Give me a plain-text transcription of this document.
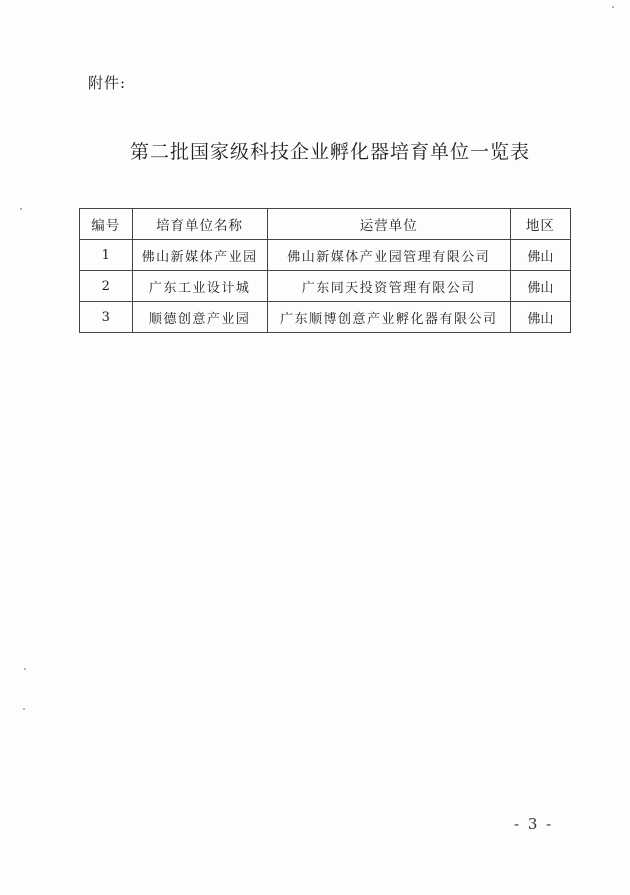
附件:
第二批国家级科技企业孵化器培育单位一览表
编号	培育单位名称	运营单位	地区
1	佛山新媒体产业园	佛山新媒体产业园管理有限公司	佛山
2	广东工业设计城	广东同天投资管理有限公司	佛山
3	顺德创意产业园	广东顺博创意产业孵化器有限公司	佛山
- 3 -
